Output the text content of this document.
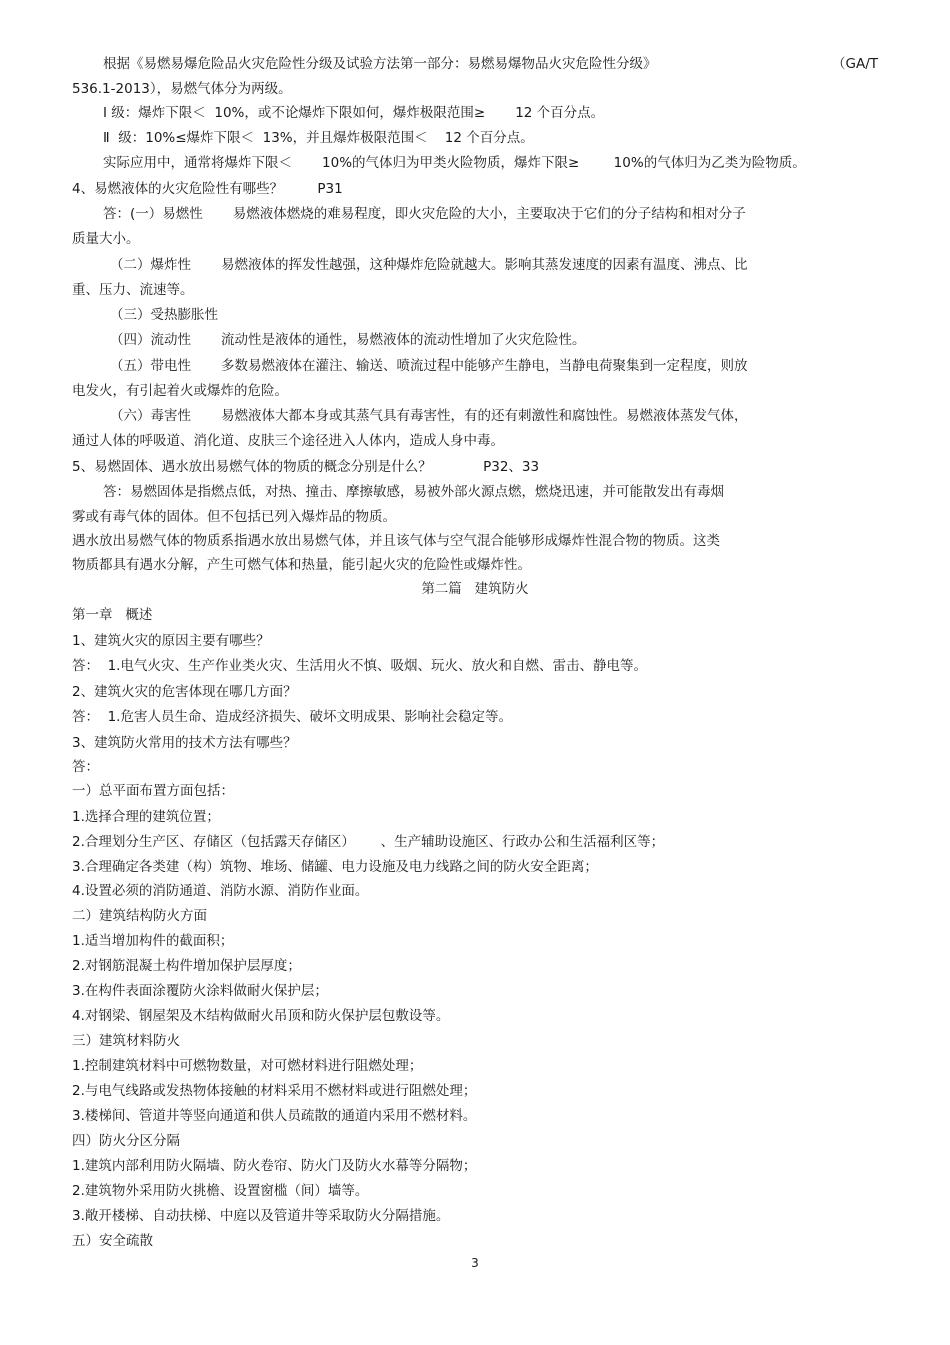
（GA/T
根据《易燃易爆危险品火灾危险性分级及试验方法第一部分：易燃易爆物品火灾危险性分级》
536.1-2013），易燃气体分为两级。
Ⅰ 级：爆炸下限＜  10%，或不论爆炸下限如何，爆炸极限范围≥       12 个百分点。
Ⅱ  级：10%≤爆炸下限＜  13%，并且爆炸极限范围＜    12 个百分点。
实际应用中，通常将爆炸下限＜       10%的气体归为甲类火险物质，爆炸下限≥        10%的气体归为乙类为险物质。
4、易燃液体的火灾危险性有哪些？        P31
答：(一）易燃性       易燃液体燃烧的难易程度，即火灾危险的大小，主要取决于它们的分子结构和相对分子
质量大小。
（二）爆炸性       易燃液体的挥发性越强，这种爆炸危险就越大。影响其蒸发速度的因素有温度、沸点、比
重、压力、流速等。
（三）受热膨胀性
（四）流动性       流动性是液体的通性，易燃液体的流动性增加了火灾危险性。
（五）带电性       多数易燃液体在灌注、输送、喷流过程中能够产生静电，当静电荷聚集到一定程度，则放
电发火，有引起着火或爆炸的危险。
（六）毒害性       易燃液体大都本身或其蒸气具有毒害性，有的还有刺激性和腐蚀性。易燃液体蒸发气体，
通过人体的呼吸道、消化道、皮肤三个途径进入人体内，造成人身中毒。
5、易燃固体、遇水放出易燃气体的物质的概念分别是什么？            P32、33
答：易燃固体是指燃点低，对热、撞击、摩擦敏感，易被外部火源点燃，燃烧迅速，并可能散发出有毒烟
雾或有毒气体的固体。但不包括已列入爆炸品的物质。
遇水放出易燃气体的物质系指遇水放出易燃气体，并且该气体与空气混合能够形成爆炸性混合物的物质。这类
物质都具有遇水分解，产生可燃气体和热量，能引起火灾的危险性或爆炸性。
第二篇   建筑防火
第一章   概述
1、建筑火灾的原因主要有哪些？
答：  1.电气火灾、生产作业类火灾、生活用火不慎、吸烟、玩火、放火和自燃、雷击、静电等。
2、建筑火灾的危害体现在哪几方面？
答：  1.危害人员生命、造成经济损失、破坏文明成果、影响社会稳定等。
3、建筑防火常用的技术方法有哪些？
答：
一）总平面布置方面包括：
1.选择合理的建筑位置；
2.合理划分生产区、存储区（包括露天存储区）      、生产辅助设施区、行政办公和生活福利区等；
3.合理确定各类建（构）筑物、堆场、储罐、电力设施及电力线路之间的防火安全距离；
4.设置必须的消防通道、消防水源、消防作业面。
二）建筑结构防火方面
1.适当增加构件的截面积；
2.对钢筋混凝土构件增加保护层厚度；
3.在构件表面涂覆防火涂料做耐火保护层；
4.对钢梁、钢屋架及木结构做耐火吊顶和防火保护层包敷设等。
三）建筑材料防火
1.控制建筑材料中可燃物数量，对可燃材料进行阻燃处理；
2.与电气线路或发热物体接触的材料采用不燃材料或进行阻燃处理；
3.楼梯间、管道井等竖向通道和供人员疏散的通道内采用不燃材料。
四）防火分区分隔
1.建筑内部利用防火隔墙、防火卷帘、防火门及防火水幕等分隔物；
2.建筑物外采用防火挑檐、设置窗槛（间）墙等。
3.敞开楼梯、自动扶梯、中庭以及管道井等采取防火分隔措施。
五）安全疏散
3
